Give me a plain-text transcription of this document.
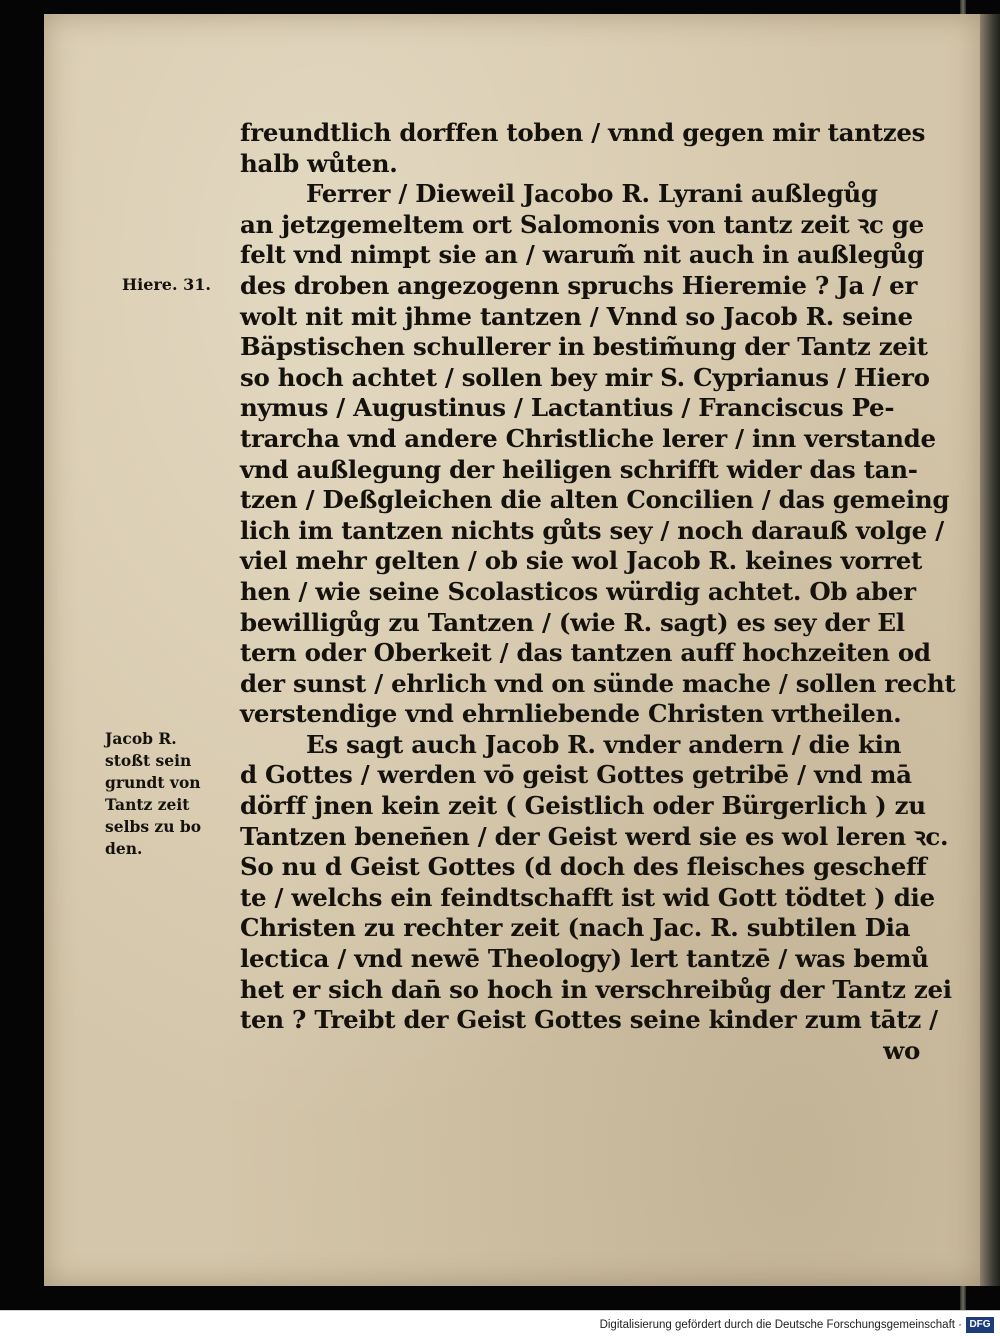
freundtlich dorffen toben / vnnd gegen mir tantzes
halb wůten.
Ferrer / Dieweil Jacobo R. Lyrani außlegůg
an jetzgemeltem ort Salomonis von tantz zeit ꝛc ge
felt vnd nimpt sie an / warum̃ nit auch in außlegůg
des droben angezogenn spruchs Hieremie ? Ja / er
wolt nit mit jhme tantzen / Vnnd so Jacob R. seine
Bäpstischen schullerer in bestim̃ung der Tantz zeit
so hoch achtet / sollen bey mir S. Cyprianus / Hiero
nymus / Augustinus / Lactantius / Franciscus Pe-
trarcha vnd andere Christliche lerer / inn verstande
vnd außlegung der heiligen schrifft wider das tan-
tzen / Deßgleichen die alten Concilien / das gemeing
lich im tantzen nichts gůts sey / noch darauß volge /
viel mehr gelten / ob sie wol Jacob R. keines vorret
hen / wie seine Scolasticos würdig achtet. Ob aber
bewilligůg zu Tantzen / (wie R. sagt) es sey der El
tern oder Oberkeit / das tantzen auff hochzeiten od
der sunst / ehrlich vnd on sünde mache / sollen recht
verstendige vnd ehrnliebende Christen vrtheilen.
Es sagt auch Jacob R. vnder andern / die kin
d Gottes / werden vō geist Gottes getribē / vnd mā
dörff jnen kein zeit ( Geistlich oder Bürgerlich ) zu
Tantzen benen̄en / der Geist werd sie es wol leren ꝛc.
So nu d Geist Gottes (d doch des fleisches gescheff
te / welchs ein feindtschafft ist wid Gott tödtet ) die
Christen zu rechter zeit (nach Jac. R. subtilen Dia
lectica / vnd newē Theology) lert tantzē / was bemů
het er sich dan̄ so hoch in verschreibůg der Tantz zei
ten ? Treibt der Geist Gottes seine kinder zum tātz /
wo
Hiere. 31.
Jacob R.
stoßt sein
grundt von
Tantz zeit
selbs zu bo
den.
Digitalisierung gefördert durch die Deutsche Forschungsgemeinschaft · DFG
